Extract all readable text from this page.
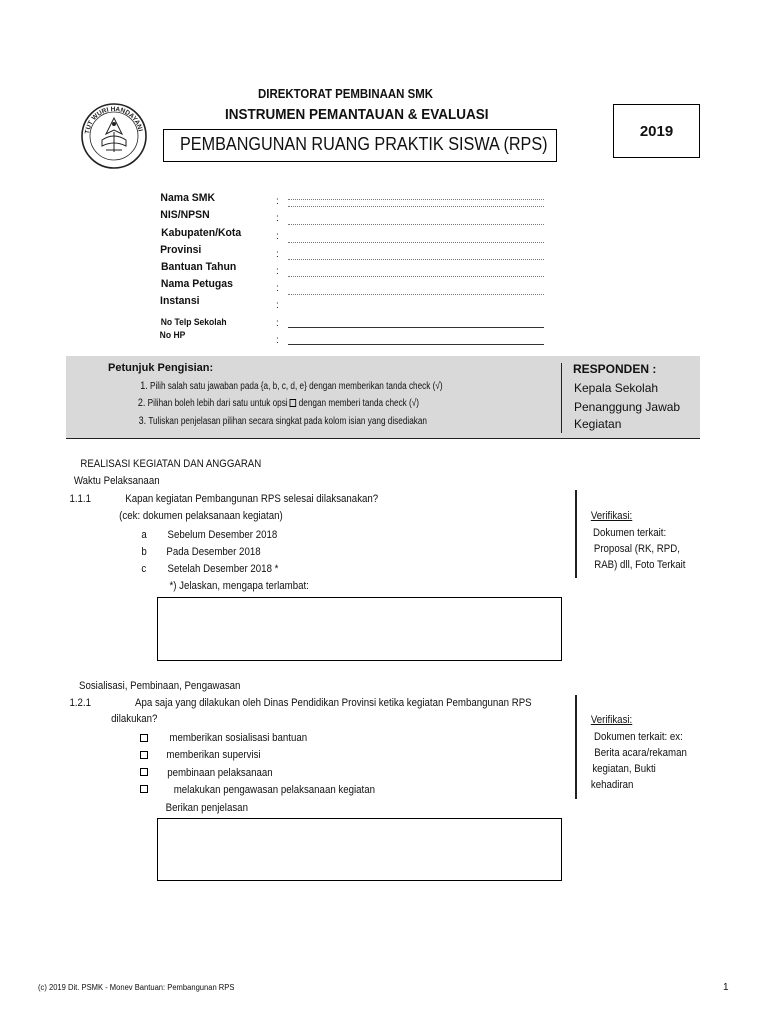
TUT WURI HANDAYANI
DIREKTORAT PEMBINAAN SMK
INSTRUMEN PEMANTAUAN & EVALUASI
PEMBANGUNAN RUANG PRAKTIK SISWA (RPS)
2019
Nama SMK	:
NIS/NPSN	:
Kabupaten/Kota	:
Provinsi	:
Bantuan Tahun	:
Nama Petugas	:
Instansi	:
No Telp Sekolah	:
No HP	:
Petunjuk Pengisian:
1. Pilih salah satu jawaban pada {a, b, c, d, e} dengan memberikan tanda check (√)
2. Pilihan boleh lebih dari satu untuk opsi dengan memberi tanda check (√)
3. Tuliskan penjelasan pilihan secara singkat pada kolom isian yang disediakan
RESPONDEN :
Kepala Sekolah
Penanggung Jawab
Kegiatan
REALISASI KEGIATAN DAN ANGGARAN
Waktu Pelaksanaan
1.1.1	Kapan kegiatan Pembangunan RPS selesai dilaksanakan?
(cek: dokumen pelaksanaan kegiatan)
a Sebelum Desember 2018
b Pada Desember 2018
c Setelah Desember 2018 *
*) Jelaskan, mengapa terlambat:
Verifikasi:
Dokumen terkait:
Proposal (RK, RPD,
RAB) dll, Foto Terkait
Sosialisasi, Pembinaan, Pengawasan
1.2.1	Apa saja yang dilakukan oleh Dinas Pendidikan Provinsi ketika kegiatan Pembangunan RPS
dilakukan?
memberikan sosialisasi bantuan
memberikan supervisi
pembinaan pelaksanaan
melakukan pengawasan pelaksanaan kegiatan
Berikan penjelasan
Verifikasi:
Dokumen terkait: ex:
Berita acara/rekaman
kegiatan, Bukti
kehadiran
(c) 2019 Dit. PSMK - Monev Bantuan: Pembangunan RPS	1
